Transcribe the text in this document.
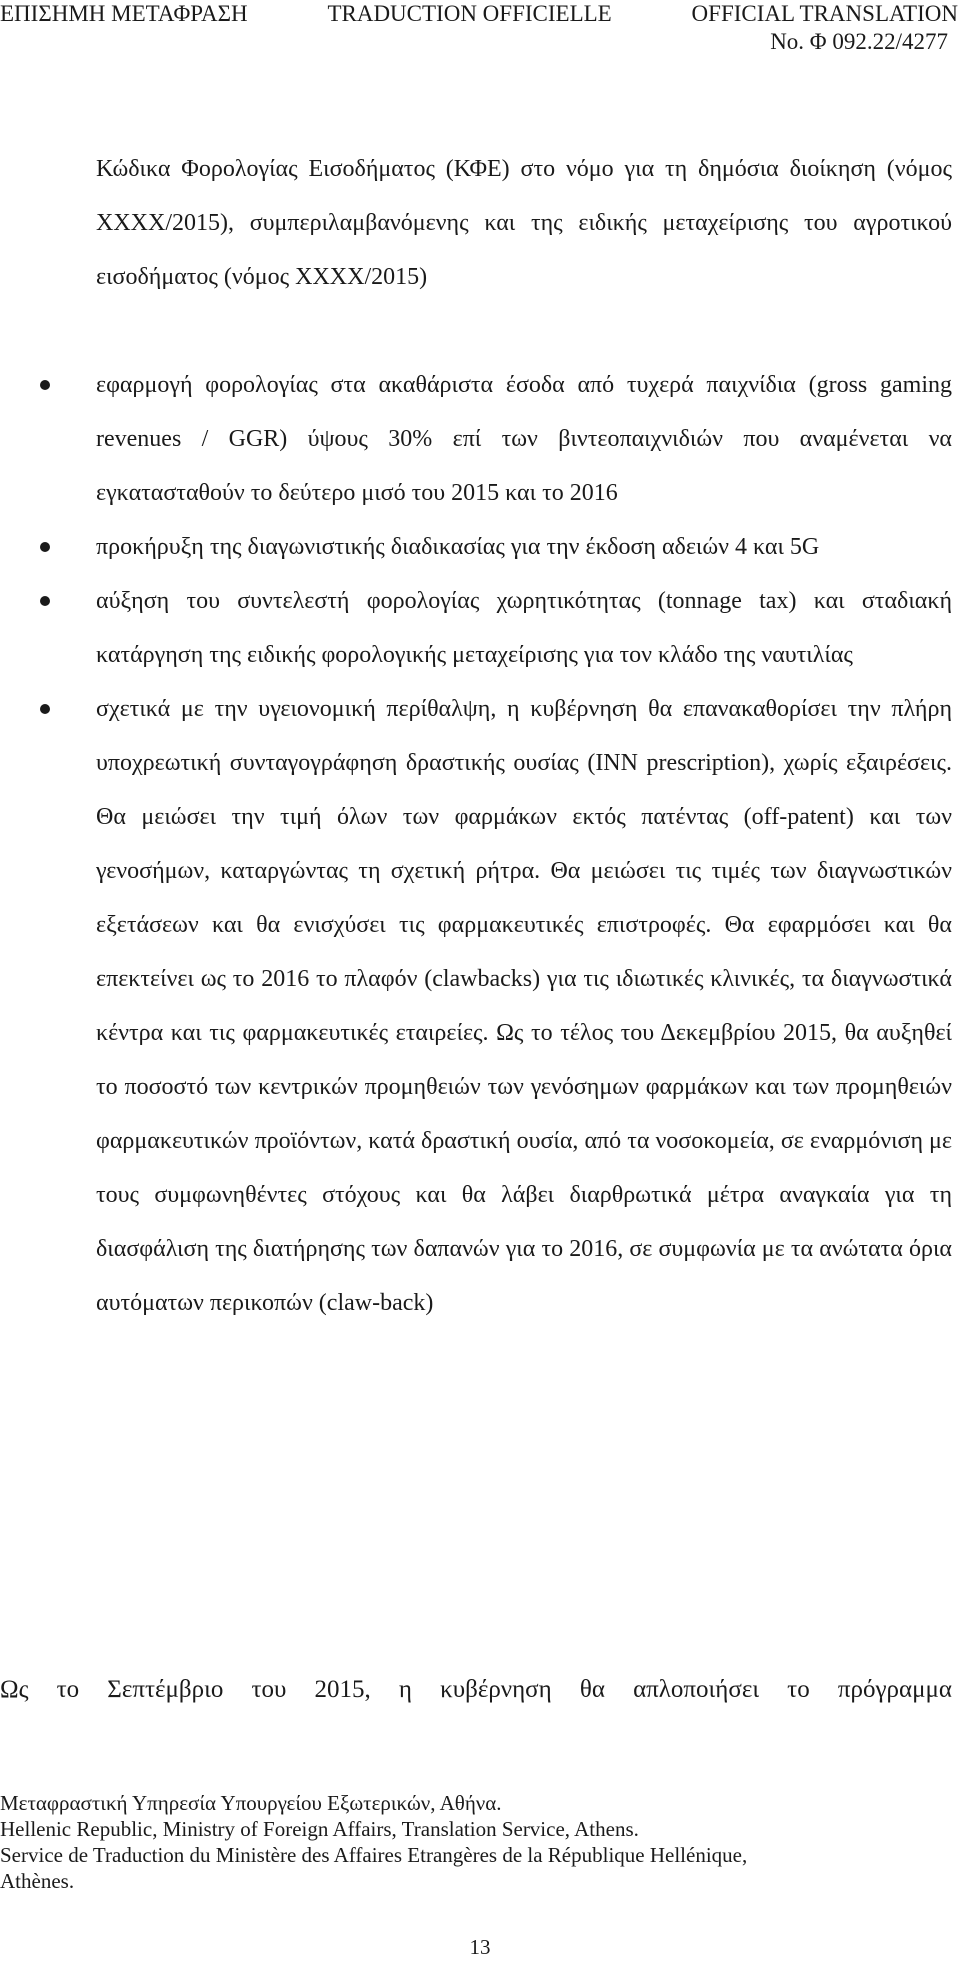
ΕΠΙΣΗΜΗ ΜΕΤΑΦΡΑΣΗ	TRADUCTION OFFICIELLE	OFFICIAL TRANSLATION
No. Φ 092.22/4277
Κώδικα Φορολογίας Εισοδήματος (ΚΦΕ) στο νόμο για τη δημόσια διοίκηση (νόμος ΧΧΧΧ/2015), συμπεριλαμβανόμενης και της ειδικής μεταχείρισης του αγροτικού εισοδήματος (νόμος ΧΧΧΧ/2015)
εφαρμογή φορολογίας στα ακαθάριστα έσοδα από τυχερά παιχνίδια (gross gaming revenues / GGR) ύψους 30% επί των βιντεοπαιχνιδιών που αναμένεται να εγκατασταθούν το δεύτερο μισό του 2015 και το 2016
προκήρυξη της διαγωνιστικής διαδικασίας για την έκδοση αδειών 4 και 5G
αύξηση του συντελεστή φορολογίας χωρητικότητας (tonnage tax) και σταδιακή κατάργηση της ειδικής φορολογικής μεταχείρισης για τον κλάδο της ναυτιλίας
σχετικά με την υγειονομική περίθαλψη, η κυβέρνηση θα επανακαθορίσει την πλήρη υποχρεωτική συνταγογράφηση δραστικής ουσίας (INN prescription), χωρίς εξαιρέσεις. Θα μειώσει την τιμή όλων των φαρμάκων εκτός πατέντας (off-patent) και των γενοσήμων, καταργώντας τη σχετική ρήτρα. Θα μειώσει τις τιμές των διαγνωστικών εξετάσεων και θα ενισχύσει τις φαρμακευτικές επιστροφές. Θα εφαρμόσει και θα επεκτείνει ως το 2016 το πλαφόν (clawbacks) για τις ιδιωτικές κλινικές, τα διαγνωστικά κέντρα και τις φαρμακευτικές εταιρείες. Ως το τέλος του Δεκεμβρίου 2015, θα αυξηθεί το ποσοστό των κεντρικών προμηθειών των γενόσημων φαρμάκων και των προμηθειών φαρμακευτικών προϊόντων, κατά δραστική ουσία, από τα νοσοκομεία, σε εναρμόνιση με τους συμφωνηθέντες στόχους και θα λάβει διαρθρωτικά μέτρα αναγκαία για τη διασφάλιση της διατήρησης των δαπανών για το 2016, σε συμφωνία με τα ανώτατα όρια αυτόματων περικοπών (claw-back)
Ως το Σεπτέμβριο του 2015, η κυβέρνηση θα απλοποιήσει το πρόγραμμα
Μεταφραστική Υπηρεσία Υπουργείου Εξωτερικών, Αθήνα.
Hellenic Republic, Ministry of Foreign Affairs, Translation Service, Athens.
Service de Traduction du Ministère des Affaires Etrangères de la République Hellénique,
Athènes.
13
